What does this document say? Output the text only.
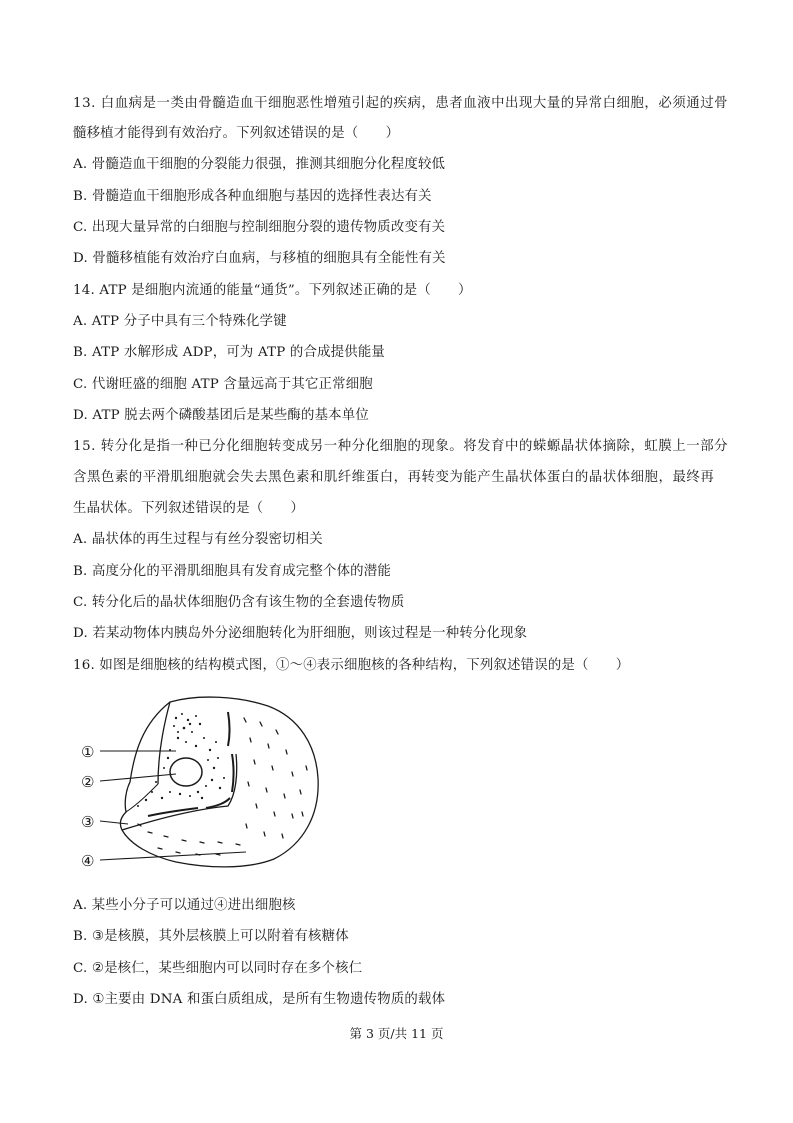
13. 白血病是一类由骨髓造血干细胞恶性增殖引起的疾病，患者血液中出现大量的异常白细胞，必须通过骨
髓移植才能得到有效治疗。下列叙述错误的是（　　）
A. 骨髓造血干细胞的分裂能力很强，推测其细胞分化程度较低
B. 骨髓造血干细胞形成各种血细胞与基因的选择性表达有关
C. 出现大量异常的白细胞与控制细胞分裂的遗传物质改变有关
D. 骨髓移植能有效治疗白血病，与移植的细胞具有全能性有关
14. ATP 是细胞内流通的能量“通货”。下列叙述正确的是（　　）
A. ATP 分子中具有三个特殊化学键
B. ATP 水解形成 ADP，可为 ATP 的合成提供能量
C. 代谢旺盛的细胞 ATP 含量远高于其它正常细胞
D. ATP 脱去两个磷酸基团后是某些酶的基本单位
15. 转分化是指一种已分化细胞转变成另一种分化细胞的现象。将发育中的蝾螈晶状体摘除，虹膜上一部分
含黑色素的平滑肌细胞就会失去黑色素和肌纤维蛋白，再转变为能产生晶状体蛋白的晶状体细胞，最终再
生晶状体。下列叙述错误的是（　　）
A. 晶状体的再生过程与有丝分裂密切相关
B. 高度分化的平滑肌细胞具有发育成完整个体的潜能
C. 转分化后的晶状体细胞仍含有该生物的全套遗传物质
D. 若某动物体内胰岛外分泌细胞转化为肝细胞，则该过程是一种转分化现象
16. 如图是细胞核的结构模式图，①～④表示细胞核的各种结构，下列叙述错误的是（　　）
①
②
③
④
A. 某些小分子可以通过④进出细胞核
B. ③是核膜，其外层核膜上可以附着有核糖体
C. ②是核仁，某些细胞内可以同时存在多个核仁
D. ①主要由 DNA 和蛋白质组成，是所有生物遗传物质的载体
第 3 页/共 11 页
